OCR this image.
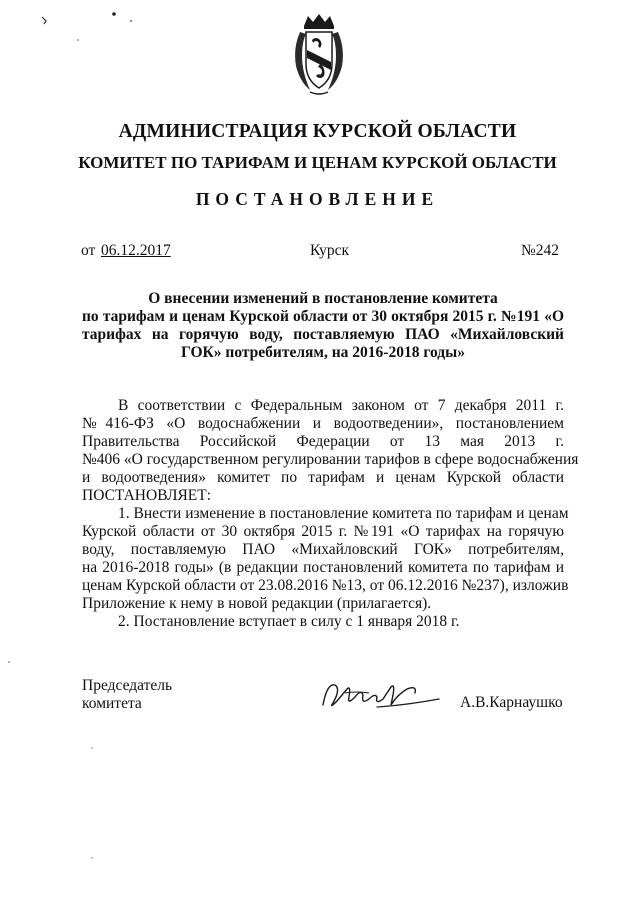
АДМИНИСТРАЦИЯ КУРСКОЙ ОБЛАСТИ
КОМИТЕТ ПО ТАРИФАМ И ЦЕНАМ КУРСКОЙ ОБЛАСТИ
ПОСТАНОВЛЕНИЕ
от 06.12.2017	Курск	№242
О внесении изменений в постановление комитета
по тарифам и ценам Курской области от 30 октября 2015 г. №191 «О
тарифах на горячую воду, поставляемую ПАО «Михайловский
ГОК» потребителям, на 2016-2018 годы»
В соответствии с Федеральным законом от 7 декабря 2011 г.
№416-ФЗ «О водоснабжении и водоотведении», постановлением
Правительства Российской Федерации от 13 мая 2013 г.
№406 «О государственном регулировании тарифов в сфере водоснабжения
и водоотведения» комитет по тарифам и ценам Курской области
ПОСТАНОВЛЯЕТ:
1. Внести изменение в постановление комитета по тарифам и ценам
Курской области от 30 октября 2015 г. №191 «О тарифах на горячую
воду, поставляемую ПАО «Михайловский ГОК» потребителям,
на 2016-2018 годы» (в редакции постановлений комитета по тарифам и
ценам Курской области от 23.08.2016 №13, от 06.12.2016 №237), изложив
Приложение к нему в новой редакции (прилагается).
2. Постановление вступает в силу с 1 января 2018 г.
Председатель
комитета	А.В.Карнаушко
